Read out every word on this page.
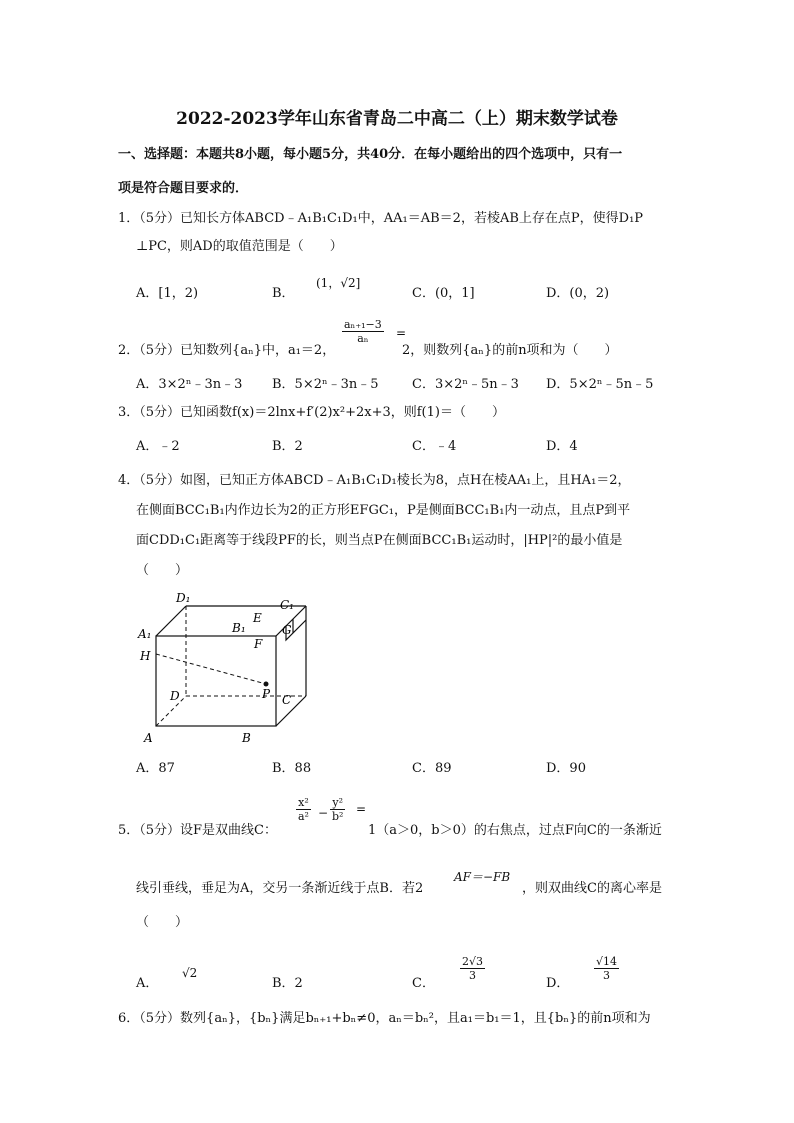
2022-2023学年山东省青岛二中高二（上）期末数学试卷
一、选择题：本题共8小题，每小题5分，共40分．在每小题给出的四个选项中，只有一
项是符合题目要求的．
1．（5分）已知长方体ABCD﹣A₁B₁C₁D₁中，AA₁＝AB＝2，若棱AB上存在点P，使得D₁P
⊥PC，则AD的取值范围是（　　）
A．[1，2)	B．
(1，√2]
C．(0，1]	D．(0，2)
$\frac{\text{aₙ₊₁−3}}{\text{aₙ}}$ =
2．（5分）已知数列{aₙ}中，a₁＝2，	2，则数列{aₙ}的前n项和为（　　）
A．3×2ⁿ﹣3n﹣3 B．5×2ⁿ﹣3n﹣5	C．3×2ⁿ﹣5n﹣3 D．5×2ⁿ﹣5n﹣5
3．（5分）已知函数f(x)＝2lnx+f′(2)x²+2x+3，则f(1)＝（　　）
A．﹣2	B．2	C．﹣4	D．4
4．（5分）如图，已知正方体ABCD﹣A₁B₁C₁D₁棱长为8，点H在棱AA₁上，且HA₁＝2，
在侧面BCC₁B₁内作边长为2的正方形EFGC₁，P是侧面BCC₁B₁内一动点，且点P到平
面CDD₁C₁距离等于线段PF的长，则当点P在侧面BCC₁B₁运动时，|HP|²的最小值是
（　　）
D₁	C₁
A₁	B₁
E
F
G
H
P
D	C
A	B
A．87	B．88	C．89	D．90
$\frac{\text{x²}}{\text{a²}} - \frac{\text{y²}}{\text{b²}}$ =
5．（5分）设F是双曲线C：	1（a＞0，b＞0）的右焦点，过点F向C的一条渐近
线引垂线，垂足为A，交另一条渐近线于点B．若2
AF＝−FB
，则双曲线C的离心率是
（　　）
A．
√2
B．2	C．
$\frac{2√3}{3}$
D．
$\frac{√14}{3}$
6．（5分）数列{aₙ}，{bₙ}满足bₙ₊₁+bₙ≠0，aₙ＝bₙ²，且a₁＝b₁＝1，且{bₙ}的前n项和为
